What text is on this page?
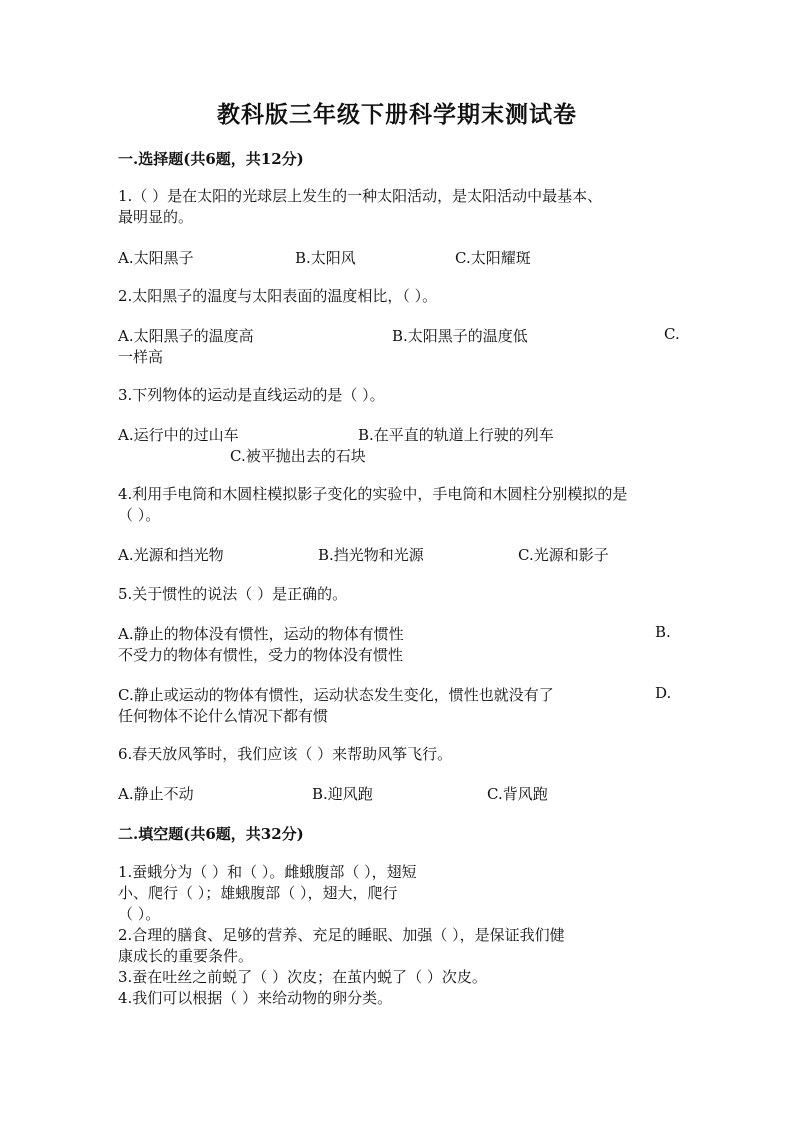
教科版三年级下册科学期末测试卷
一.选择题(共6题，共12分)
1.（ ）是在太阳的光球层上发生的一种太阳活动，是太阳活动中最基本、
最明显的。
A.太阳黑子	B.太阳风	C.太阳耀斑
2.太阳黑子的温度与太阳表面的温度相比，（ ）。
A.太阳黑子的温度高	B.太阳黑子的温度低	C.
一样高
3.下列物体的运动是直线运动的是（ ）。
A.运行中的过山车	B.在平直的轨道上行驶的列车
C.被平抛出去的石块
4.利用手电筒和木圆柱模拟影子变化的实验中，手电筒和木圆柱分别模拟的是
（ ）。
A.光源和挡光物	B.挡光物和光源	C.光源和影子
5.关于惯性的说法（ ）是正确的。
A.静止的物体没有惯性，运动的物体有惯性	B.
不受力的物体有惯性，受力的物体没有惯性
C.静止或运动的物体有惯性，运动状态发生变化，惯性也就没有了	D.
任何物体不论什么情况下都有惯
6.春天放风筝时，我们应该（ ）来帮助风筝飞行。
A.静止不动	B.迎风跑	C.背风跑
二.填空题(共6题，共32分)
1.蚕蛾分为（ ）和（ ）。雌蛾腹部（ ），翅短
小、爬行（ ）；雄蛾腹部（ ），翅大，爬行
（ ）。
2.合理的膳食、足够的营养、充足的睡眠、加强（ ），是保证我们健
康成长的重要条件。
3.蚕在吐丝之前蜕了（ ）次皮；在茧内蜕了（ ）次皮。
4.我们可以根据（ ）来给动物的卵分类。
